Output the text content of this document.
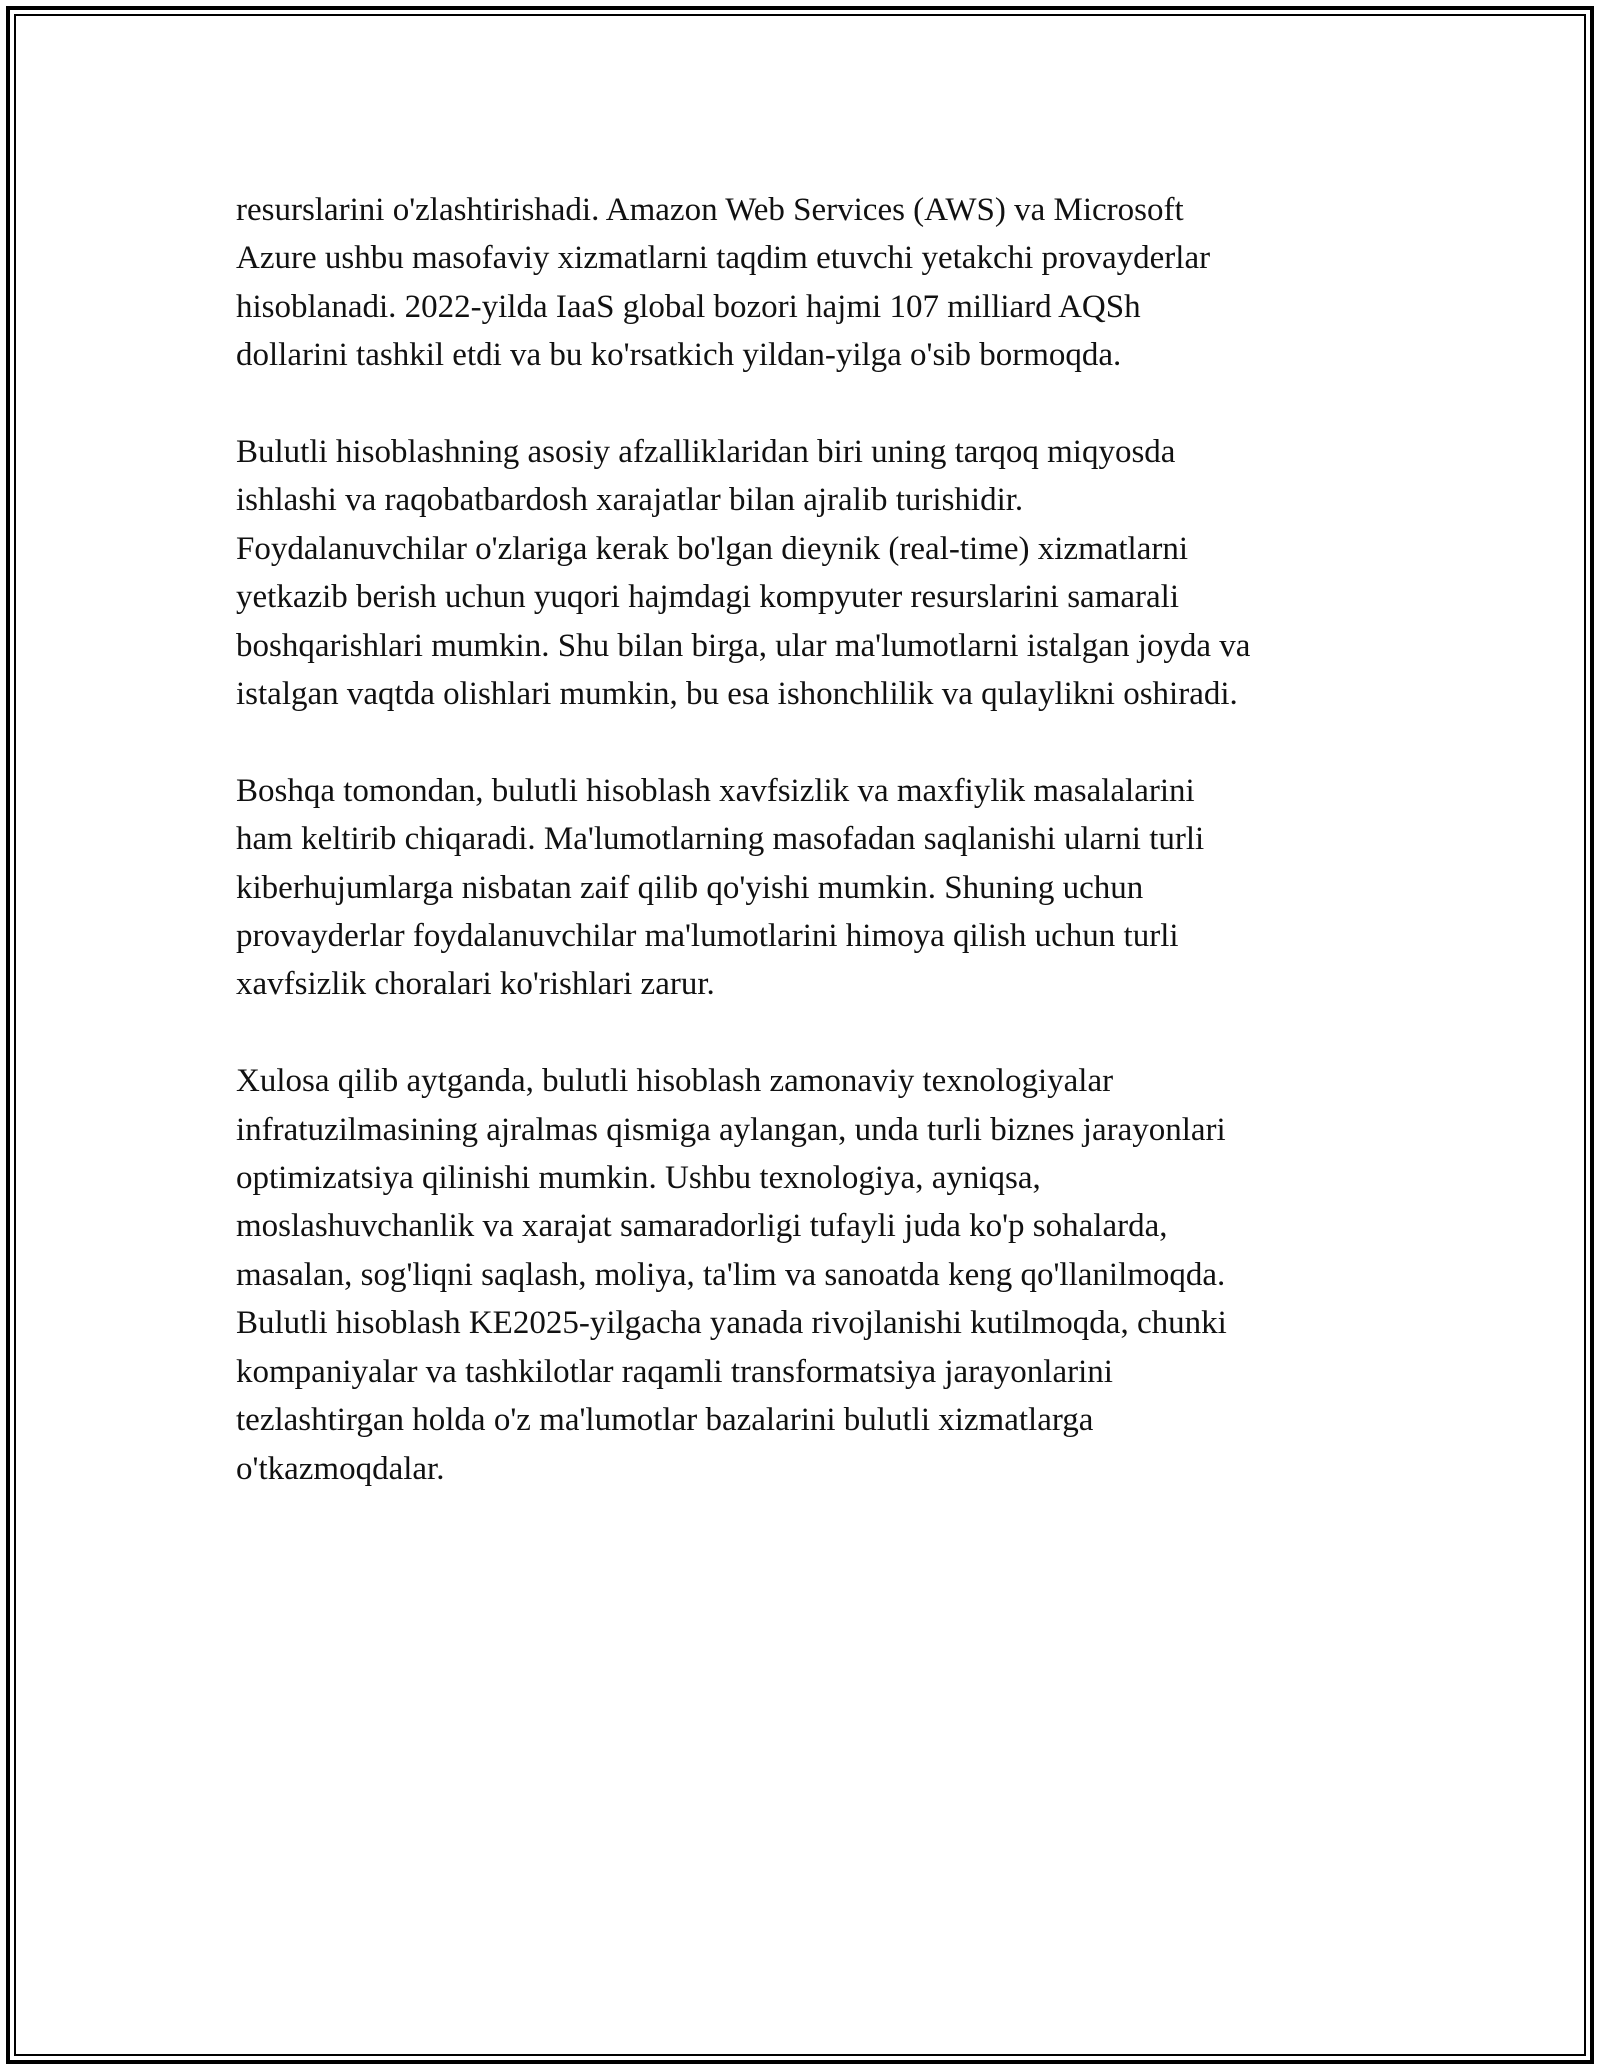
resurslarini o'zlashtirishadi. Amazon Web Services (AWS) va Microsoft
Azure ushbu masofaviy xizmatlarni taqdim etuvchi yetakchi provayderlar
hisoblanadi. 2022-yilda IaaS global bozori hajmi 107 milliard AQSh
dollarini tashkil etdi va bu ko'rsatkich yildan-yilga o'sib bormoqda.

Bulutli hisoblashning asosiy afzalliklaridan biri uning tarqoq miqyosda
ishlashi va raqobatbardosh xarajatlar bilan ajralib turishidir.
Foydalanuvchilar o'zlariga kerak bo'lgan dieynik (real-time) xizmatlarni
yetkazib berish uchun yuqori hajmdagi kompyuter resurslarini samarali
boshqarishlari mumkin. Shu bilan birga, ular ma'lumotlarni istalgan joyda va
istalgan vaqtda olishlari mumkin, bu esa ishonchlilik va qulaylikni oshiradi.

Boshqa tomondan, bulutli hisoblash xavfsizlik va maxfiylik masalalarini
ham keltirib chiqaradi. Ma'lumotlarning masofadan saqlanishi ularni turli
kiberhujumlarga nisbatan zaif qilib qo'yishi mumkin. Shuning uchun
provayderlar foydalanuvchilar ma'lumotlarini himoya qilish uchun turli
xavfsizlik choralari ko'rishlari zarur.

Xulosa qilib aytganda, bulutli hisoblash zamonaviy texnologiyalar
infratuzilmasining ajralmas qismiga aylangan, unda turli biznes jarayonlari
optimizatsiya qilinishi mumkin. Ushbu texnologiya, ayniqsa,
moslashuvchanlik va xarajat samaradorligi tufayli juda ko'p sohalarda,
masalan, sog'liqni saqlash, moliya, ta'lim va sanoatda keng qo'llanilmoqda.
Bulutli hisoblash KE2025-yilgacha yanada rivojlanishi kutilmoqda, chunki
kompaniyalar va tashkilotlar raqamli transformatsiya jarayonlarini
tezlashtirgan holda o'z ma'lumotlar bazalarini bulutli xizmatlarga
o'tkazmoqdalar.
